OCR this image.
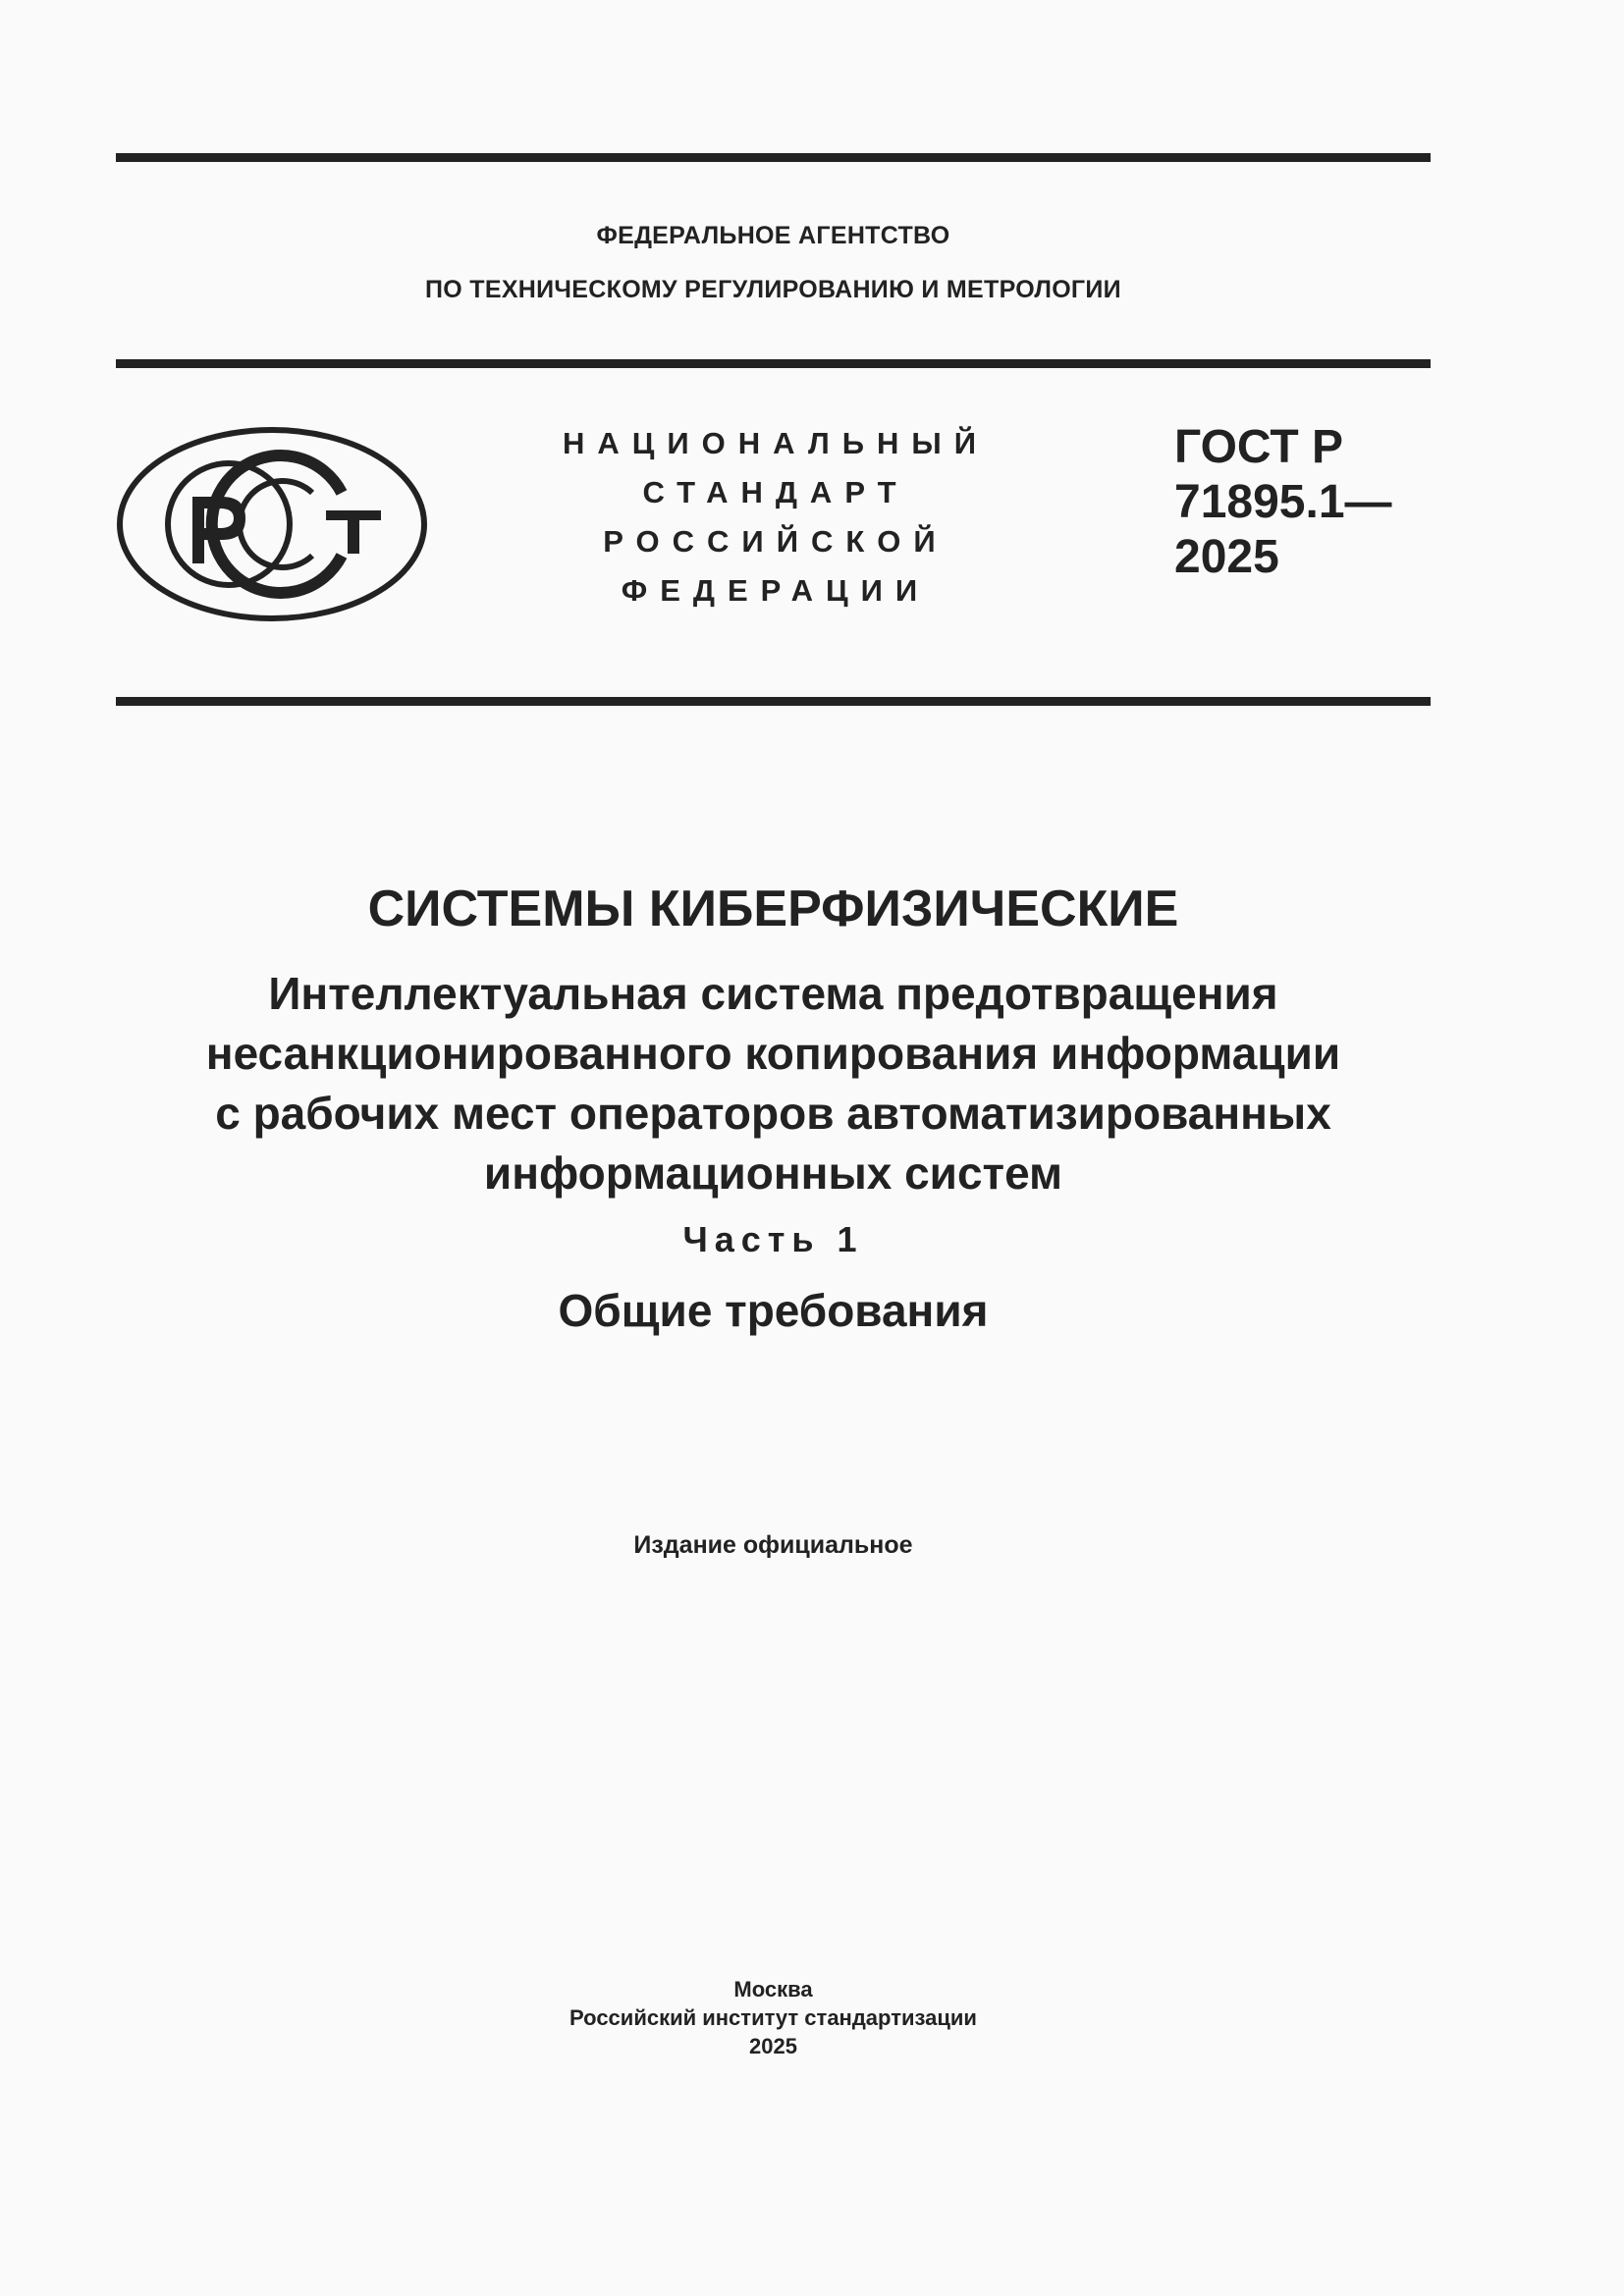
ФЕДЕРАЛЬНОЕ АГЕНТСТВО
ПО ТЕХНИЧЕСКОМУ РЕГУЛИРОВАНИЮ И МЕТРОЛОГИИ
НАЦИОНАЛЬНЫЙ
СТАНДАРТ
РОССИЙСКОЙ
ФЕДЕРАЦИИ
ГОСТ Р
71895.1—
2025
СИСТЕМЫ КИБЕРФИЗИЧЕСКИЕ
Интеллектуальная система предотвращения
несанкционированного копирования информации
с рабочих мест операторов автоматизированных
информационных систем
Часть 1
Общие требования
Издание официальное
Москва
Российский институт стандартизации
2025
